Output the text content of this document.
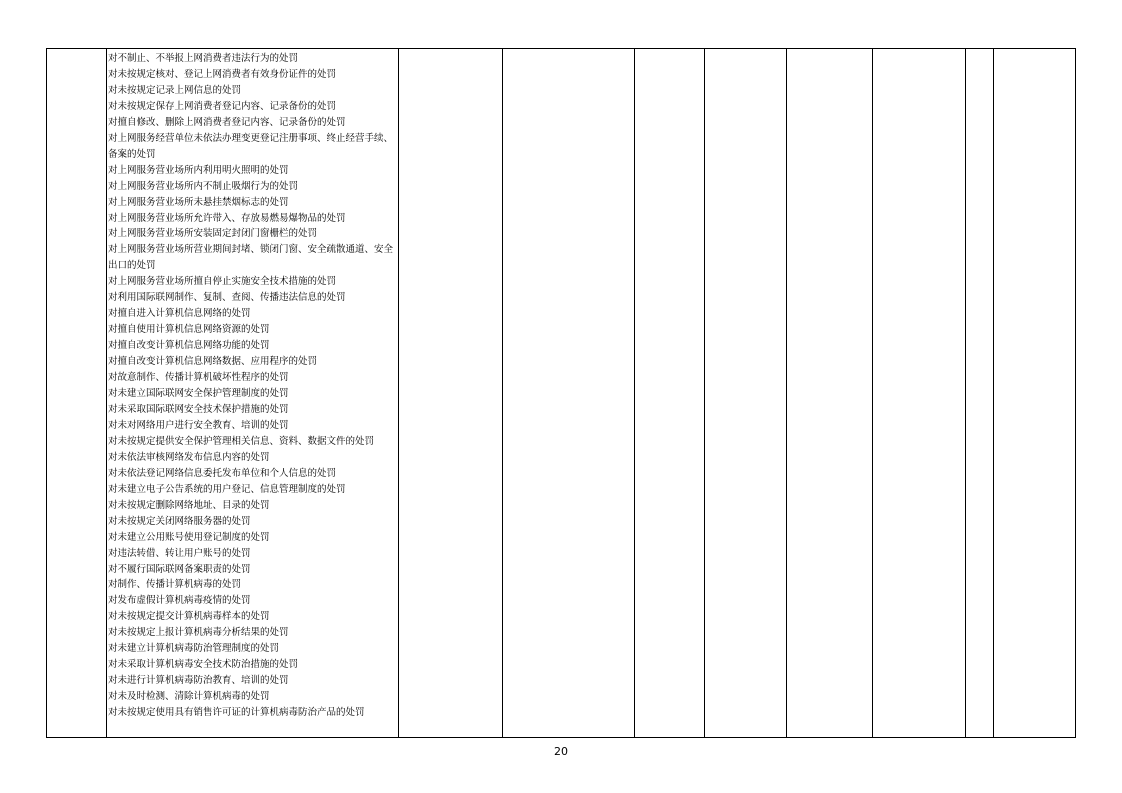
对不制止、不举报上网消费者违法行为的处罚
对未按规定核对、登记上网消费者有效身份证件的处罚
对未按规定记录上网信息的处罚
对未按规定保存上网消费者登记内容、记录备份的处罚
对擅自修改、删除上网消费者登记内容、记录备份的处罚
对上网服务经营单位未依法办理变更登记注册事项、终止经营手续、备案的处罚
对上网服务营业场所内利用明火照明的处罚
对上网服务营业场所内不制止吸烟行为的处罚
对上网服务营业场所未悬挂禁烟标志的处罚
对上网服务营业场所允许带入、存放易燃易爆物品的处罚
对上网服务营业场所安装固定封闭门窗栅栏的处罚
对上网服务营业场所营业期间封堵、锁闭门窗、安全疏散通道、安全出口的处罚
对上网服务营业场所擅自停止实施安全技术措施的处罚
对利用国际联网制作、复制、查阅、传播违法信息的处罚
对擅自进入计算机信息网络的处罚
对擅自使用计算机信息网络资源的处罚
对擅自改变计算机信息网络功能的处罚
对擅自改变计算机信息网络数据、应用程序的处罚
对故意制作、传播计算机破坏性程序的处罚
对未建立国际联网安全保护管理制度的处罚
对未采取国际联网安全技术保护措施的处罚
对未对网络用户进行安全教育、培训的处罚
对未按规定提供安全保护管理相关信息、资料、数据文件的处罚
对未依法审核网络发布信息内容的处罚
对未依法登记网络信息委托发布单位和个人信息的处罚
对未建立电子公告系统的用户登记、信息管理制度的处罚
对未按规定删除网络地址、目录的处罚
对未按规定关闭网络服务器的处罚
对未建立公用账号使用登记制度的处罚
对违法转借、转让用户账号的处罚
对不履行国际联网备案职责的处罚
对制作、传播计算机病毒的处罚
对发布虚假计算机病毒疫情的处罚
对未按规定提交计算机病毒样本的处罚
对未按规定上报计算机病毒分析结果的处罚
对未建立计算机病毒防治管理制度的处罚
对未采取计算机病毒安全技术防治措施的处罚
对未进行计算机病毒防治教育、培训的处罚
对未及时检测、清除计算机病毒的处罚
对未按规定使用具有销售许可证的计算机病毒防治产品的处罚
20
